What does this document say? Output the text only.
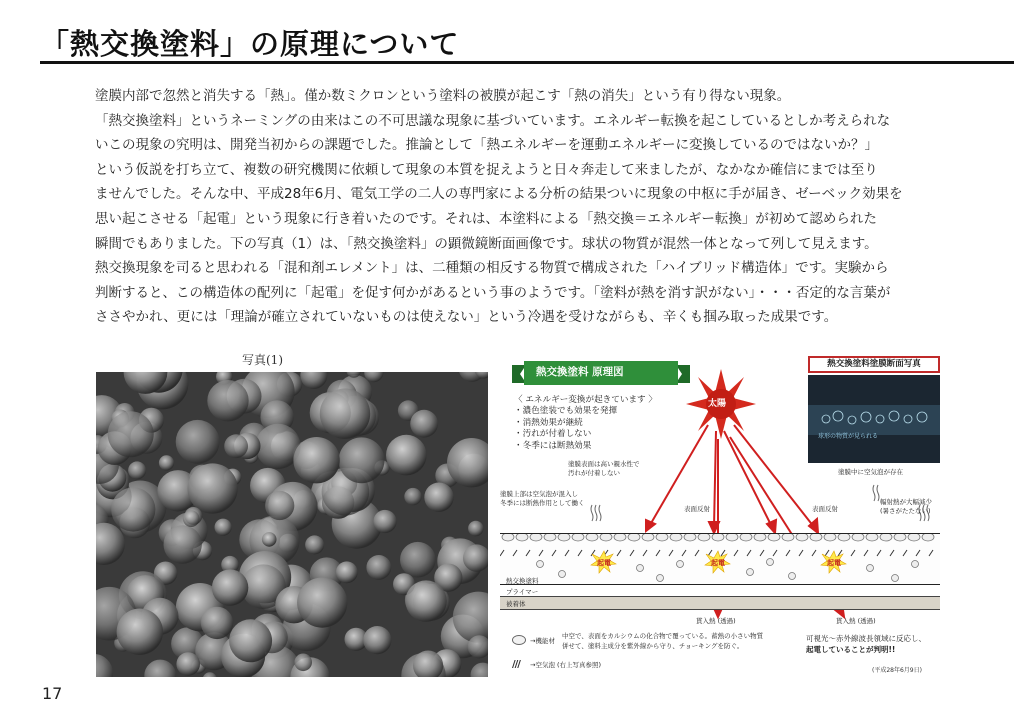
「熱交換塗料」の原理について

塗膜内部で忽然と消失する「熱」。僅か数ミクロンという塗料の被膜が起こす「熱の消失」という有り得ない現象。

「熱交換塗料」というネーミングの由来はこの不可思議な現象に基づいています。エネルギー転換を起こしているとしか考えられな

いこの現象の究明は、開発当初からの課題でした。推論として「熱エネルギーを運動エネルギーに変換しているのではないか？」

という仮説を打ち立て、複数の研究機関に依頼して現象の本質を捉えようと日々奔走して来ましたが、なかなか確信にまでは至り

ませんでした。そんな中、平成28年6月、電気工学の二人の専門家による分析の結果ついに現象の中枢に手が届き、ゼーベック効果を

思い起こさせる「起電」という現象に行き着いたのです。それは、本塗料による「熱交換＝エネルギー転換」が初めて認められた

瞬間でもありました。下の写真（1）は、「熱交換塗料」の顕微鏡断面画像です。球状の物質が混然一体となって列して見えます。

熱交換現象を司ると思われる「混和剤エレメント」は、二種類の相反する物質で構成された「ハイブリッド構造体」です。実験から

判断すると、この構造体の配列に「起電」を促す何かがあるという事のようです。「塗料が熱を消す訳がない」・・・否定的な言葉が

ささやかれ、更には「理論が確立されていないものは使えない」という冷遇を受けながらも、辛くも掴み取った成果です。

写真(1)
熱交換塗料 原理図
〈 エネルギー変換が起きています 〉
・濃色塗装でも効果を発揮
・消熱効果が継続
・汚れが付着しない
・冬季には断熱効果
太陽
熱交換塗料塗膜断面写真
球形の物質が見られる
塗膜中に空気泡が存在
塗膜表面は高い親水性で
汚れが付着しない
塗膜上部は空気泡が混入し
冬季には断熱作用として働く
表面反射	表面反射
輻射熱が大幅減少
(暑さがたたない)
起電	起電	起電
熱交換塗料
プライマー
被着体
貫入熱 (透過)	貫入熱 (透過)
→機能材
中空で、表面をカルシウムの化合物で覆っている。蓄熱の小さい物質
併せて、塗料主成分を紫外線から守り、チョーキングを防ぐ。
/// →空気泡 (右上写真参照)
可視光～赤外線波長領域に反応し、
起電していることが判明!!
(平成28年6月9日)
17
